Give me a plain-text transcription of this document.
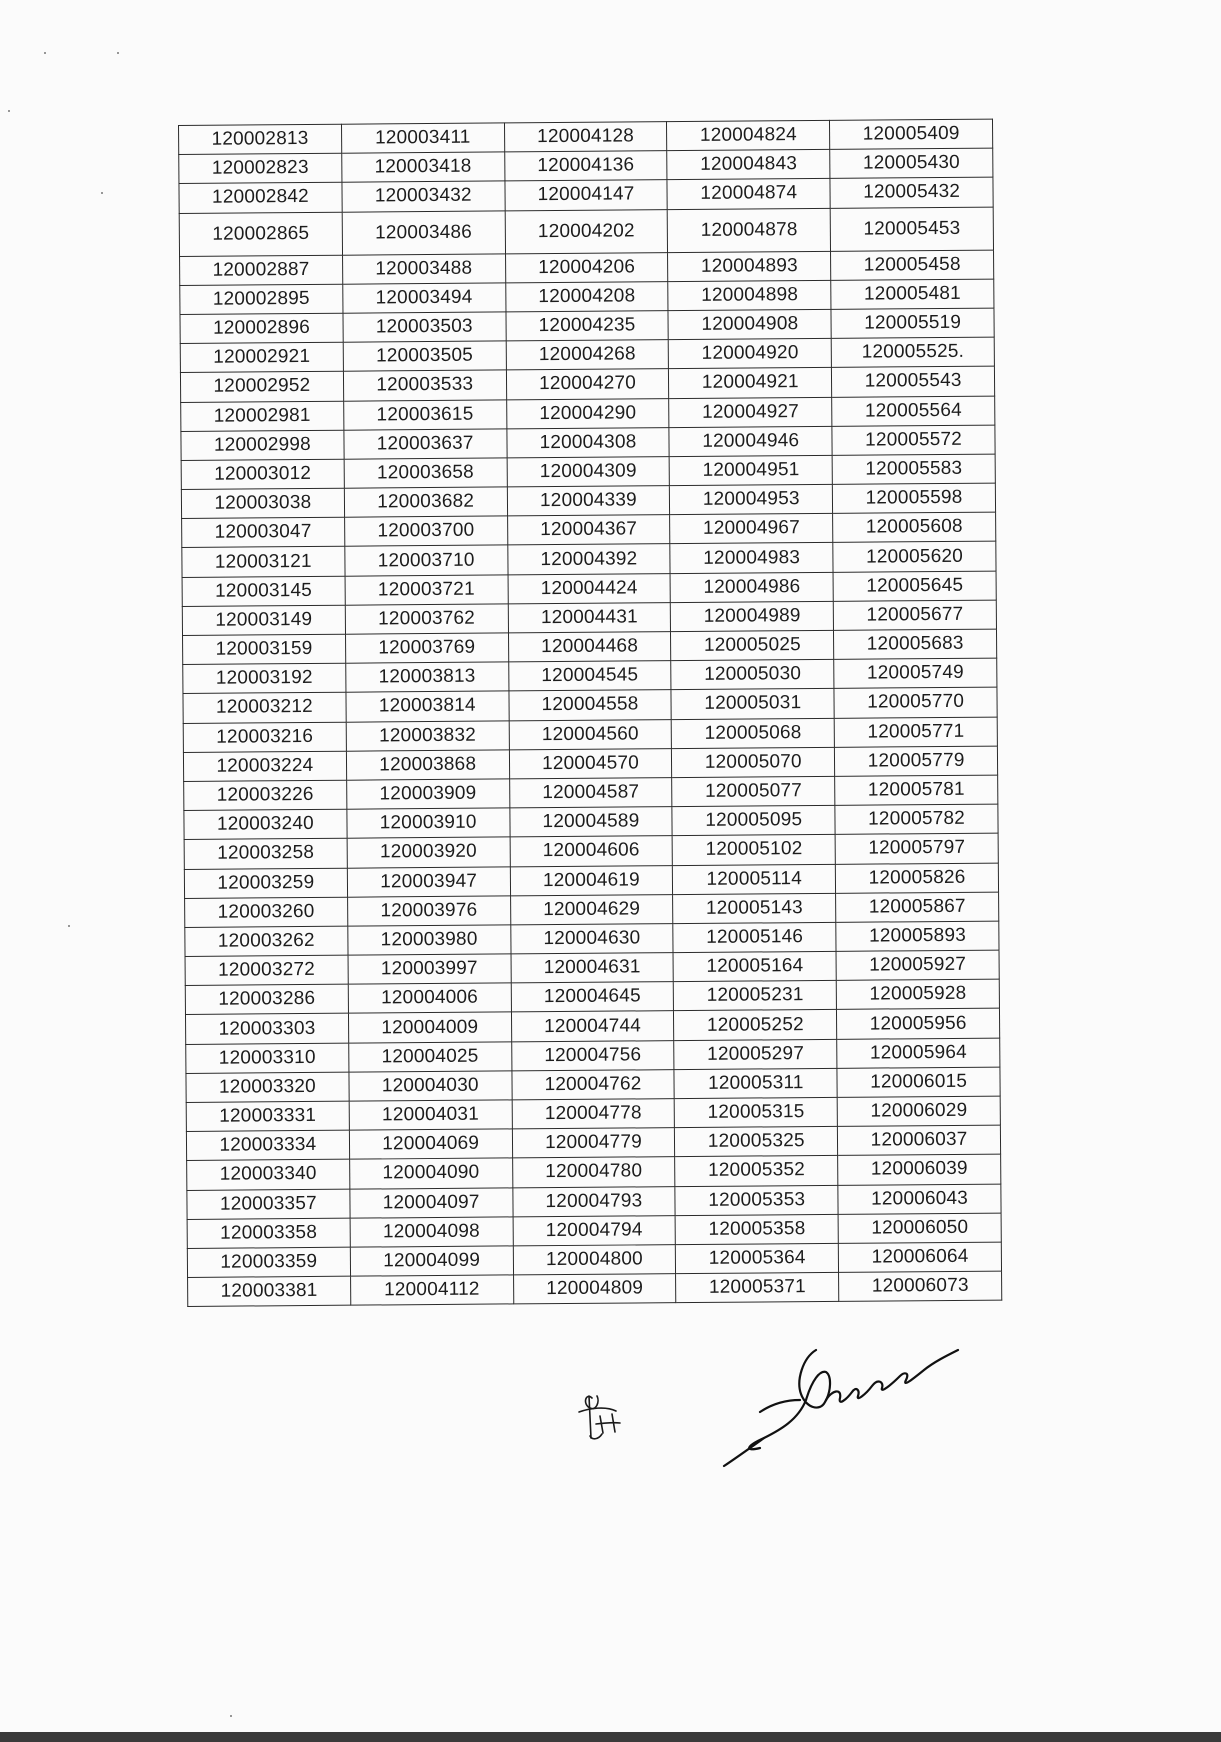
120002813	120003411	120004128	120004824	120005409
120002823	120003418	120004136	120004843	120005430
120002842	120003432	120004147	120004874	120005432
120002865	120003486	120004202	120004878	120005453
120002887	120003488	120004206	120004893	120005458
120002895	120003494	120004208	120004898	120005481
120002896	120003503	120004235	120004908	120005519
120002921	120003505	120004268	120004920	120005525.
120002952	120003533	120004270	120004921	120005543
120002981	120003615	120004290	120004927	120005564
120002998	120003637	120004308	120004946	120005572
120003012	120003658	120004309	120004951	120005583
120003038	120003682	120004339	120004953	120005598
120003047	120003700	120004367	120004967	120005608
120003121	120003710	120004392	120004983	120005620
120003145	120003721	120004424	120004986	120005645
120003149	120003762	120004431	120004989	120005677
120003159	120003769	120004468	120005025	120005683
120003192	120003813	120004545	120005030	120005749
120003212	120003814	120004558	120005031	120005770
120003216	120003832	120004560	120005068	120005771
120003224	120003868	120004570	120005070	120005779
120003226	120003909	120004587	120005077	120005781
120003240	120003910	120004589	120005095	120005782
120003258	120003920	120004606	120005102	120005797
120003259	120003947	120004619	120005114	120005826
120003260	120003976	120004629	120005143	120005867
120003262	120003980	120004630	120005146	120005893
120003272	120003997	120004631	120005164	120005927
120003286	120004006	120004645	120005231	120005928
120003303	120004009	120004744	120005252	120005956
120003310	120004025	120004756	120005297	120005964
120003320	120004030	120004762	120005311	120006015
120003331	120004031	120004778	120005315	120006029
120003334	120004069	120004779	120005325	120006037
120003340	120004090	120004780	120005352	120006039
120003357	120004097	120004793	120005353	120006043
120003358	120004098	120004794	120005358	120006050
120003359	120004099	120004800	120005364	120006064
120003381	120004112	120004809	120005371	120006073
